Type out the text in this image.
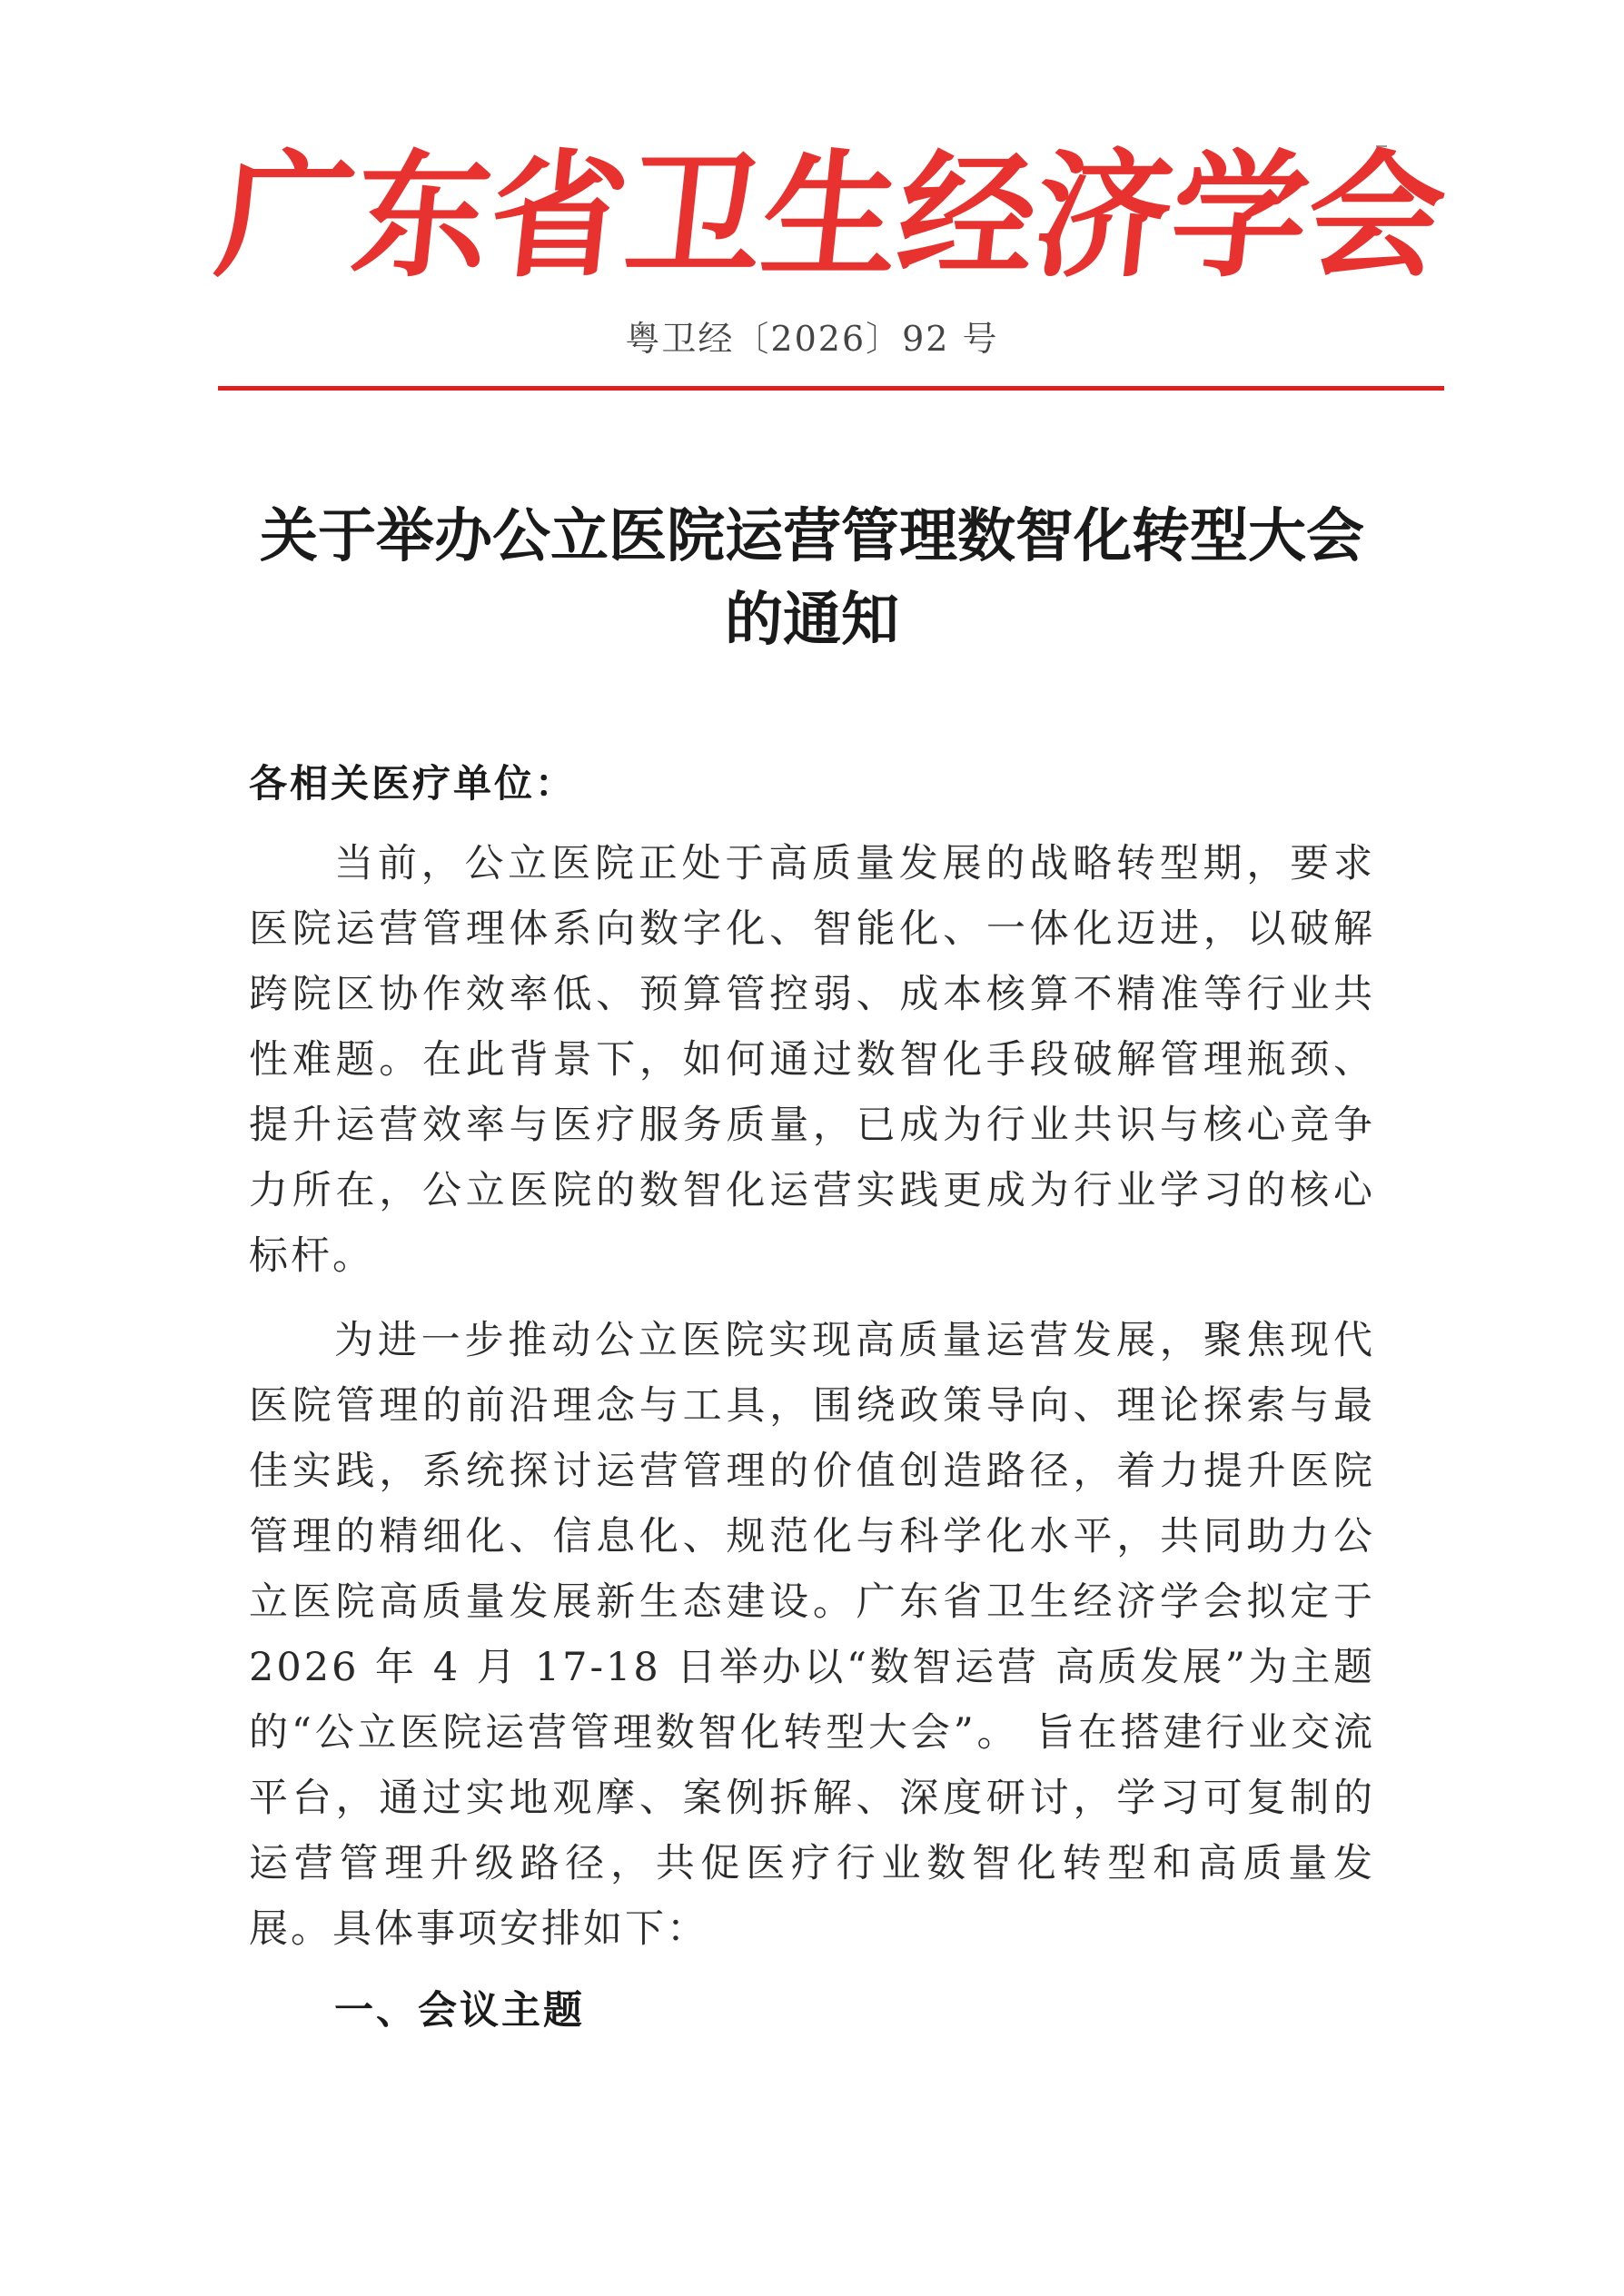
广
东
省
卫
生
经
济
学
会
粤卫经〔2026〕92 号
关于举办公立医院运营管理数智化转型大会
的通知
各相关医疗单位：

当前，公立医院正处于高质量发展的战略转型期，要求医院运营管理体系向数字化、智能化、一体化迈进，以破解跨院区协作效率低、预算管控弱、成本核算不精准等行业共性难题。在此背景下，如何通过数智化手段破解管理瓶颈、提升运营效率与医疗服务质量，已成为行业共识与核心竞争力所在，公立医院的数智化运营实践更成为行业学习的核心标杆。

为进一步推动公立医院实现高质量运营发展，聚焦现代医院管理的前沿理念与工具，围绕政策导向、理论探索与最佳实践，系统探讨运营管理的价值创造路径，着力提升医院管理的精细化、信息化、规范化与科学化水平，共同助力公立医院高质量发展新生态建设。广东省卫生经济学会拟定于 2026 年 4 月 17-18 日举办以“数智运营 高质发展”为主题的“公立医院运营管理数智化转型大会”。 旨在搭建行业交流平台，通过实地观摩、案例拆解、深度研讨，学习可复制的运营管理升级路径，共促医疗行业数智化转型和高质量发展。具体事项安排如下：

一、会议主题
